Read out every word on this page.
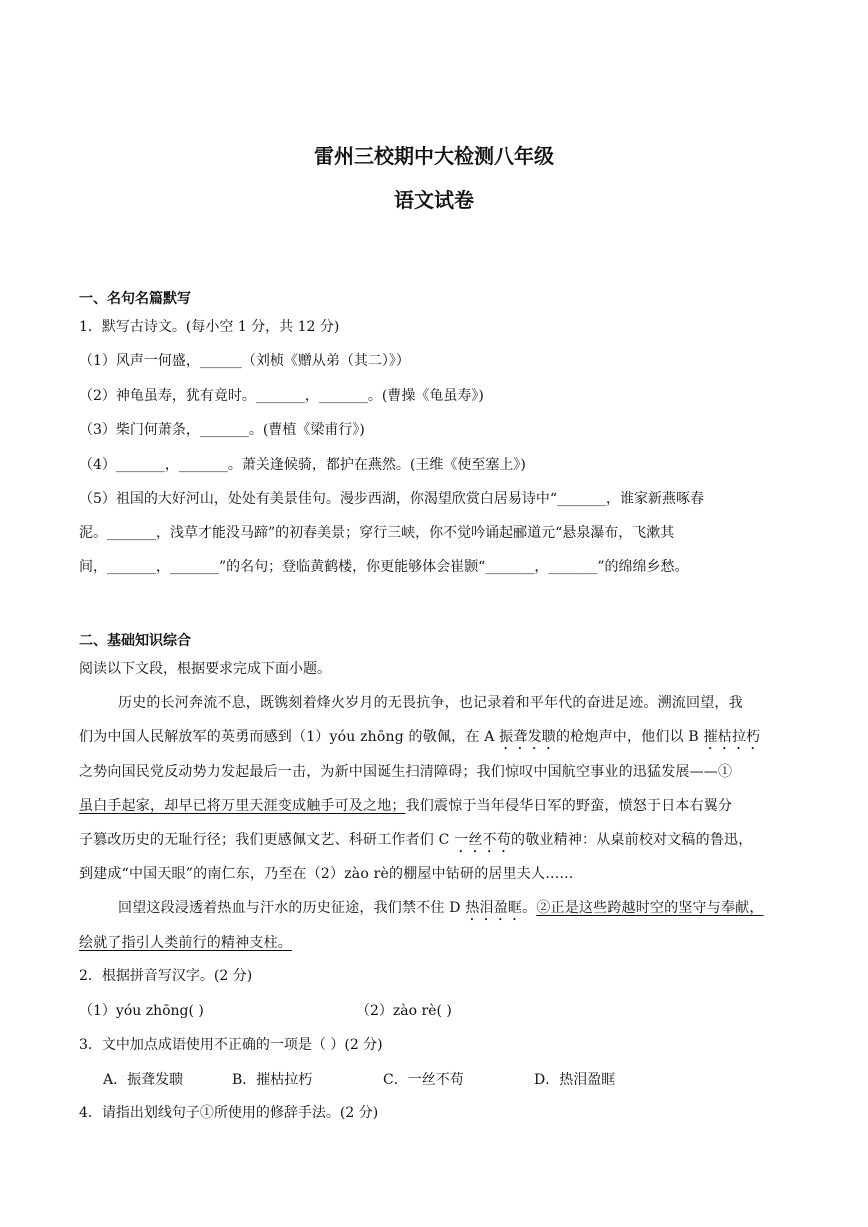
雷州三校期中大检测八年级
语文试卷
一、名句名篇默写
1．默写古诗文。(每小空 1 分，共 12 分)
（1）风声一何盛，______（刘桢《赠从弟（其二）》）
（2）神龟虽寿，犹有竟时。_______，_______。(曹操《龟虽寿》)
（3）柴门何萧条，_______。(曹植《梁甫行》)
（4）_______，_______。萧关逢候骑，都护在燕然。(王维《使至塞上》)
（5）祖国的大好河山，处处有美景佳句。漫步西湖，你渴望欣赏白居易诗中“_______，谁家新燕啄春
泥。_______，浅草才能没马蹄”的初春美景；穿行三峡，你不觉吟诵起郦道元“悬泉瀑布，飞漱其
间，_______，_______”的名句；登临黄鹤楼，你更能够体会崔颢“_______，_______”的绵绵乡愁。
二、基础知识综合
阅读以下文段，根据要求完成下面小题。
历史的长河奔流不息，既镌刻着烽火岁月的无畏抗争，也记录着和平年代的奋进足迹。溯流回望，我
们为中国人民解放军的英勇而感到（1）yóu zhōng 的敬佩，在 A 振聋发聩的枪炮声中，他们以 B 摧枯拉朽
之势向国民党反动势力发起最后一击，为新中国诞生扫清障碍；我们惊叹中国航空事业的迅猛发展——①
虽白手起家，却早已将万里天涯变成触手可及之地；我们震惊于当年侵华日军的野蛮，愤怒于日本右翼分
子篡改历史的无耻行径；我们更感佩文艺、科研工作者们 C 一丝不苟的敬业精神：从桌前校对文稿的鲁迅，
到建成“中国天眼”的南仁东，乃至在（2）zào rè的棚屋中钻研的居里夫人……
回望这段浸透着热血与汗水的历史征途，我们禁不住 D 热泪盈眶。②正是这些跨越时空的坚守与奉献，
绘就了指引人类前行的精神支柱。
2．根据拼音写汉字。(2 分)
（1）yóu zhōng( )	（2）zào rè( )
3．文中加点成语使用不正确的一项是（ ）(2 分)
A．振聋发聩	B．摧枯拉朽	C．一丝不苟	D．热泪盈眶
4．请指出划线句子①所使用的修辞手法。(2 分)
